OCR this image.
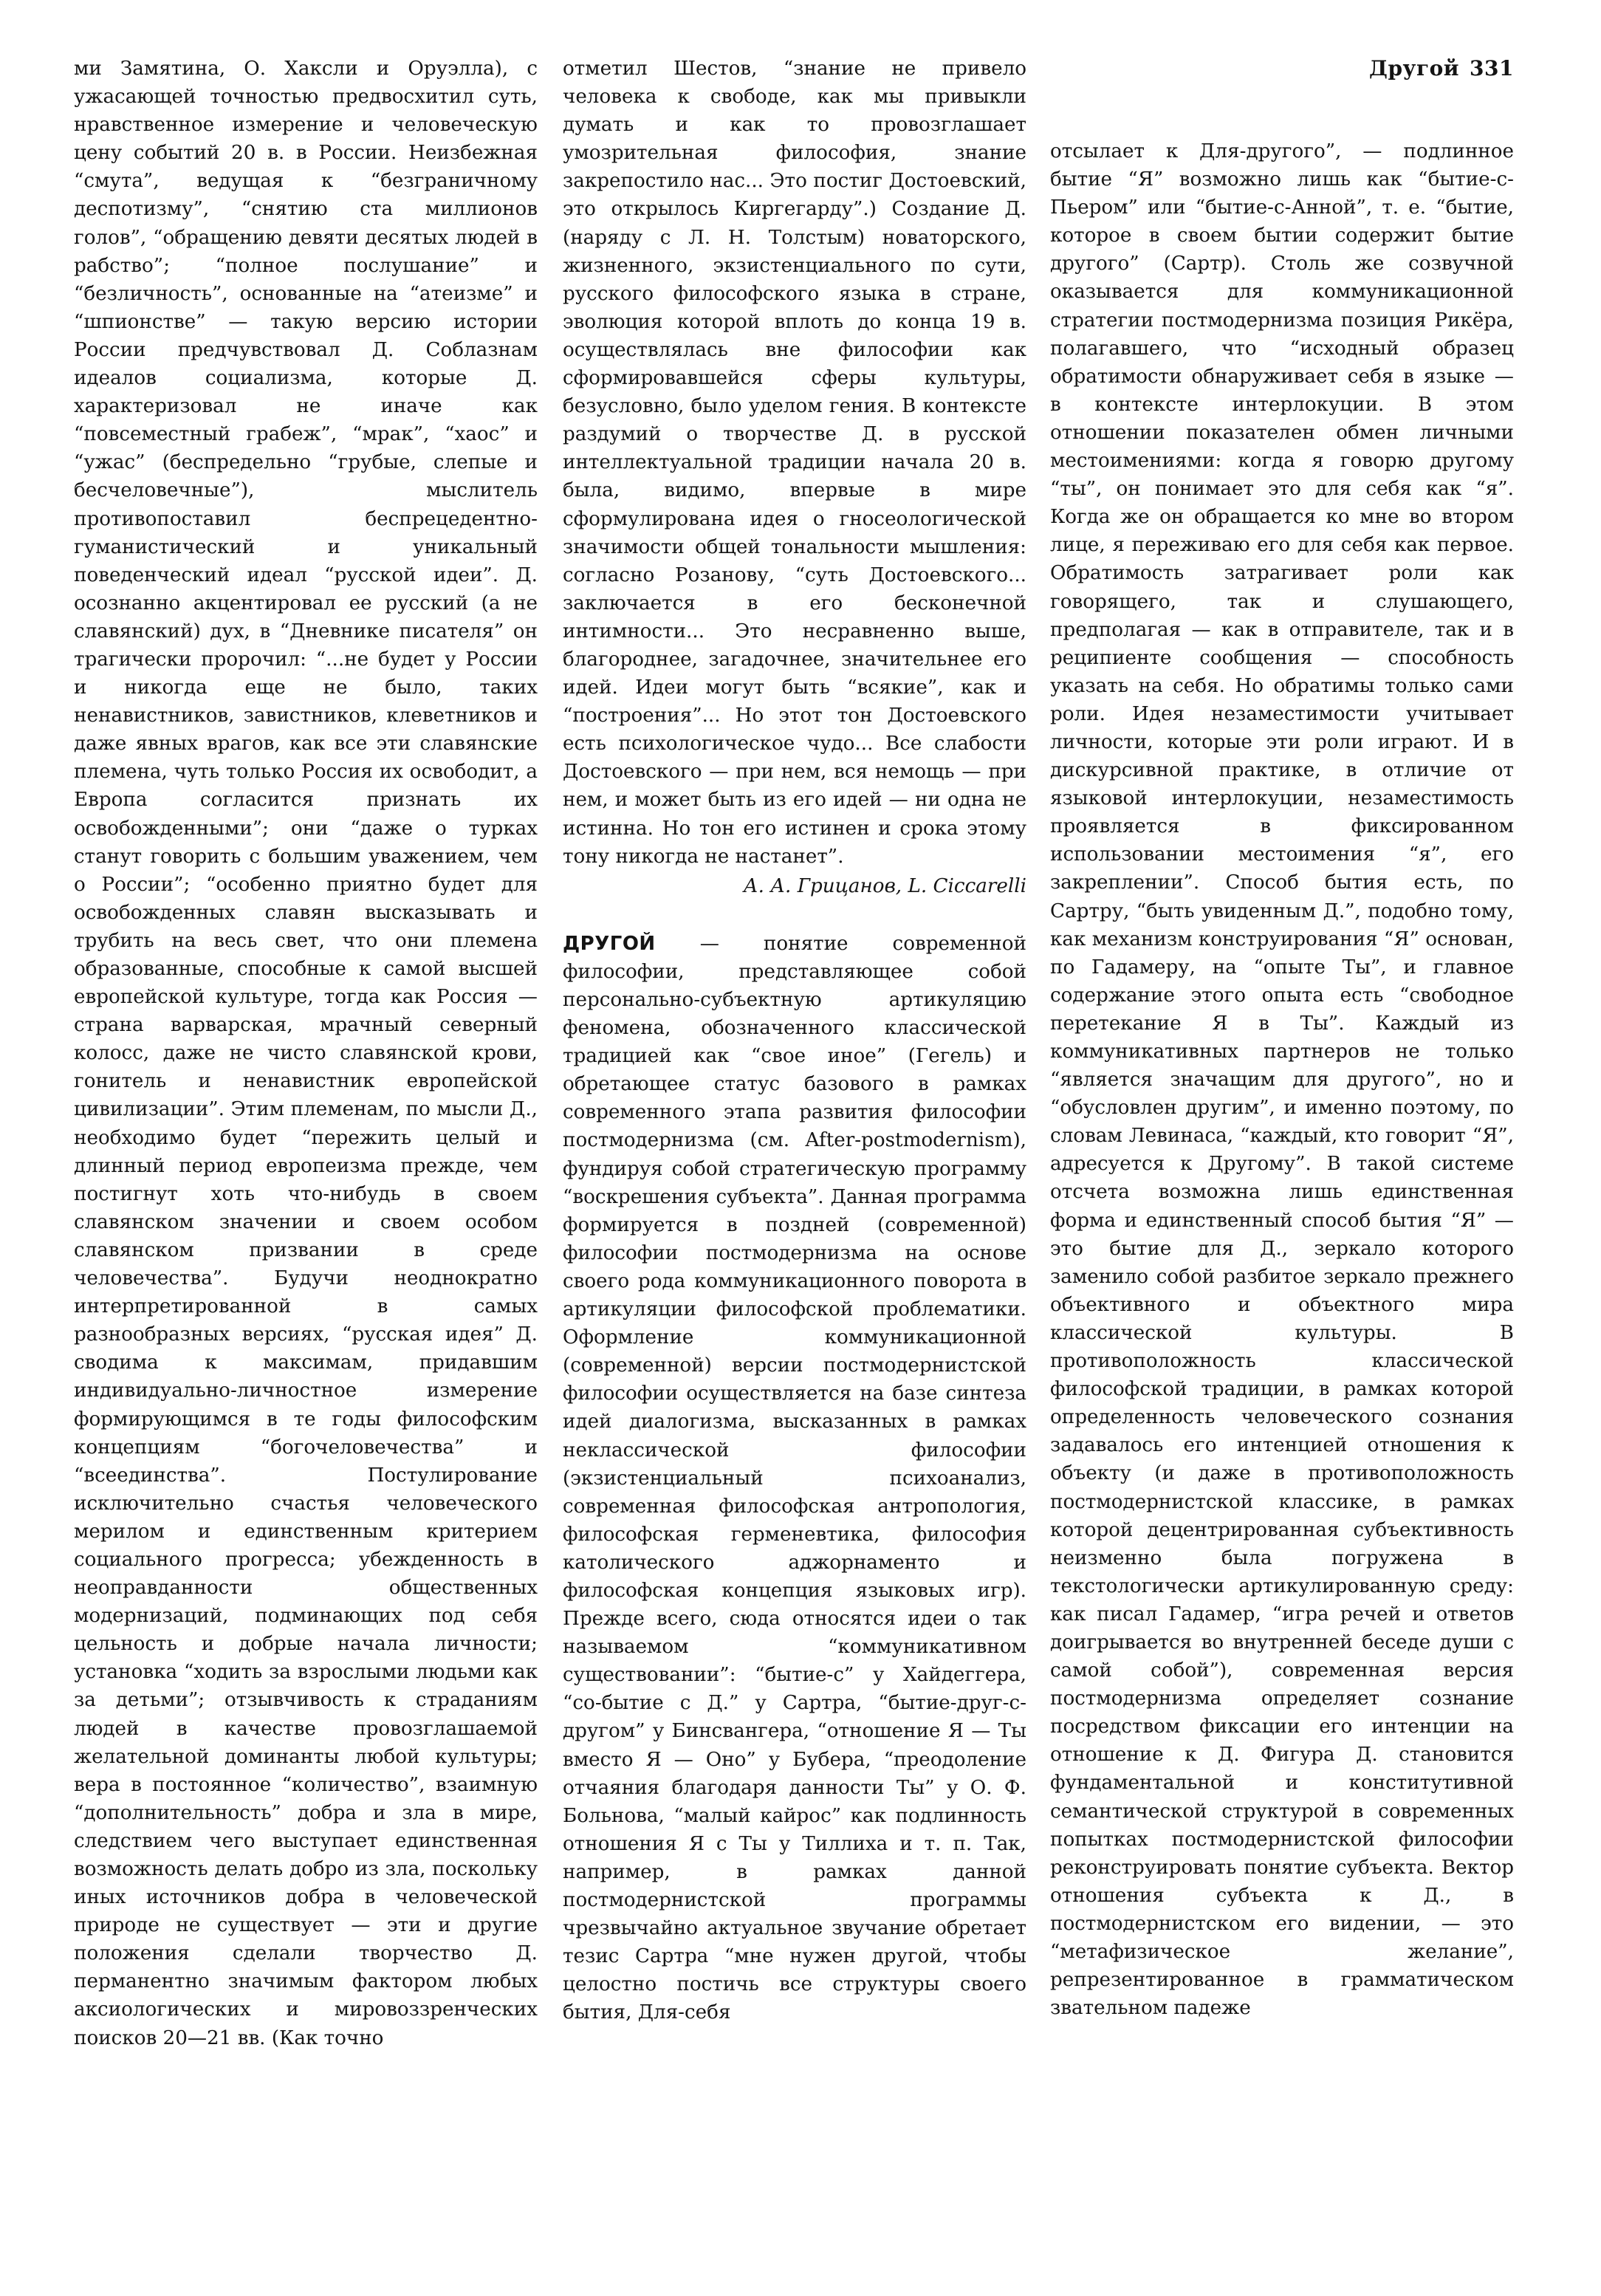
Другой 331

ми Замятина, О. Хаксли и Оруэлла), с ужасающей точностью предвосхитил суть, нравственное измерение и человеческую цену событий 20 в. в России. Неизбежная “смута”, ведущая к “безграничному деспотизму”, “снятию ста миллионов голов”, “обращению девяти десятых людей в рабство”; “полное послушание” и “безличность”, основанные на “атеизме” и “шпионстве” — такую версию истории России предчувствовал Д. Соблазнам идеалов социализма, которые Д. характеризовал не иначе как “повсеместный грабеж”, “мрак”, “хаос” и “ужас” (беспредельно “грубые, слепые и бесчеловечные”), мыслитель противопоставил беспрецедентно-гуманистический и уникальный поведенческий идеал “русской идеи”. Д. осознанно акцентировал ее русский (а не славянский) дух, в “Дневнике писателя” он трагически пророчил: “...не будет у России и никогда еще не было, таких ненавистников, завистников, клеветников и даже явных врагов, как все эти славянские племена, чуть только Россия их освободит, а Европа согласится признать их освобожденными”; они “даже о турках станут говорить с большим уважением, чем о России”; “особенно приятно будет для освобожденных славян высказывать и трубить на весь свет, что они племена образованные, способные к самой высшей европейской культуре, тогда как Россия — страна варварская, мрачный северный колосс, даже не чисто славянской крови, гонитель и ненавистник европейской цивилизации”. Этим племенам, по мысли Д., необходимо будет “пережить целый и длинный период европеизма прежде, чем постигнут хоть что-нибудь в своем славянском значении и своем особом славянском призвании в среде человечества”. Будучи неоднократно интерпретированной в самых разнообразных версиях, “русская идея” Д. сводима к максимам, придавшим индивидуально-личностное измерение формирующимся в те годы философским концепциям “богочеловечества” и “всеединства”. Постулирование исключительно счастья человеческого мерилом и единственным критерием социального прогресса; убежденность в неоправданности общественных модернизаций, подминающих под себя цельность и добрые начала личности; установка “ходить за взрослыми людьми как за детьми”; отзывчивость к страданиям людей в качестве провозглашаемой желательной доминанты любой культуры; вера в постоянное “количество”, взаимную “дополнительность” добра и зла в мире, следствием чего выступает единственная возможность делать добро из зла, поскольку иных источников добра в человеческой природе не существует — эти и другие положения сделали творчество Д. перманентно значимым фактором любых аксиологических и мировоззренческих поисков 20—21 вв. (Как точно

отметил Шестов, “знание не привело человека к свободе, как мы привыкли думать и как то провозглашает умозрительная философия, знание закрепостило нас... Это постиг Достоевский, это открылось Киргегарду”.) Создание Д. (наряду с Л. Н. Толстым) новаторского, жизненного, экзистенциального по сути, русского философского языка в стране, эволюция которой вплоть до конца 19 в. осуществлялась вне философии как сформировавшейся сферы культуры, безусловно, было уделом гения. В контексте раздумий о творчестве Д. в русской интеллектуальной традиции начала 20 в. была, видимо, впервые в мире сформулирована идея о гносеологической значимости общей тональности мышления: согласно Розанову, “суть Достоевского... заключается в его бесконечной интимности... Это несравненно выше, благороднее, загадочнее, значительнее его идей. Идеи могут быть “всякие”, как и “построения”... Но этот тон Достоевского есть психологическое чудо... Все слабости Достоевского — при нем, вся немощь — при нем, и может быть из его идей — ни одна не истинна. Но тон его истинен и срока этому тону никогда не настанет”.

А. А. Грицанов, L. Ciccarelli

ДРУГОЙ — понятие современной философии, представляющее собой персонально-субъектную артикуляцию феномена, обозначенного классической традицией как “свое иное” (Гегель) и обретающее статус базового в рамках современного этапа развития философии постмодернизма (см. After-postmodernism), фундируя собой стратегическую программу “воскрешения субъекта”. Данная программа формируется в поздней (современной) философии постмодернизма на основе своего рода коммуникационного поворота в артикуляции философской проблематики. Оформление коммуникационной (современной) версии постмодернистской философии осуществляется на базе синтеза идей диалогизма, высказанных в рамках неклассической философии (экзистенциальный психоанализ, современная философская антропология, философская герменевтика, философия католического аджорнаменто и философская концепция языковых игр). Прежде всего, сюда относятся идеи о так называемом “коммуникативном существовании”: “бытие-с” у Хайдеггера, “со-бытие с Д.” у Сартра, “бытие-друг-с-другом” у Бинсвангера, “отношение Я — Ты вместо Я — Оно” у Бубера, “преодоление отчаяния благодаря данности Ты” у О. Ф. Больнова, “малый кайрос” как подлинность отношения Я с Ты у Тиллиха и т. п. Так, например, в рамках данной постмодернистской программы чрезвычайно актуальное звучание обретает тезис Сартра “мне нужен другой, чтобы целостно постичь все структуры своего бытия, Для-себя

отсылает к Для-другого”, — подлинное бытие “Я” возможно лишь как “бытие-с-Пьером” или “бытие-с-Анной”, т. е. “бытие, которое в своем бытии содержит бытие другого” (Сартр). Столь же созвучной оказывается для коммуникационной стратегии постмодернизма позиция Рикёра, полагавшего, что “исходный образец обратимости обнаруживает себя в языке — в контексте интерлокуции. В этом отношении показателен обмен личными местоимениями: когда я говорю другому “ты”, он понимает это для себя как “я”. Когда же он обращается ко мне во втором лице, я переживаю его для себя как первое. Обратимость затрагивает роли как говорящего, так и слушающего, предполагая — как в отправителе, так и в реципиенте сообщения — способность указать на себя. Но обратимы только сами роли. Идея незаместимости учитывает личности, которые эти роли играют. И в дискурсивной практике, в отличие от языковой интерлокуции, незаместимость проявляется в фиксированном использовании местоимения “я”, его закреплении”. Способ бытия есть, по Сартру, “быть увиденным Д.”, подобно тому, как механизм конструирования “Я” основан, по Гадамеру, на “опыте Ты”, и главное содержание этого опыта есть “свободное перетекание Я в Ты”. Каждый из коммуникативных партнеров не только “является значащим для другого”, но и “обусловлен другим”, и именно поэтому, по словам Левинаса, “каждый, кто говорит “Я”, адресуется к Другому”. В такой системе отсчета возможна лишь единственная форма и единственный способ бытия “Я” — это бытие для Д., зеркало которого заменило собой разбитое зеркало прежнего объективного и объектного мира классической культуры. В противоположность классической философской традиции, в рамках которой определенность человеческого сознания задавалось его интенцией отношения к объекту (и даже в противоположность постмодернистской классике, в рамках которой децентрированная субъективность неизменно была погружена в текстологически артикулированную среду: как писал Гадамер, “игра речей и ответов доигрывается во внутренней беседе души с самой собой”), современная версия постмодернизма определяет сознание посредством фиксации его интенции на отношение к Д. Фигура Д. становится фундаментальной и конститутивной семантической структурой в современных попытках постмодернистской философии реконструировать понятие субъекта. Вектор отношения субъекта к Д., в постмодернистском его видении, — это “метафизическое желание”, репрезентированное в грамматическом звательном падеже
